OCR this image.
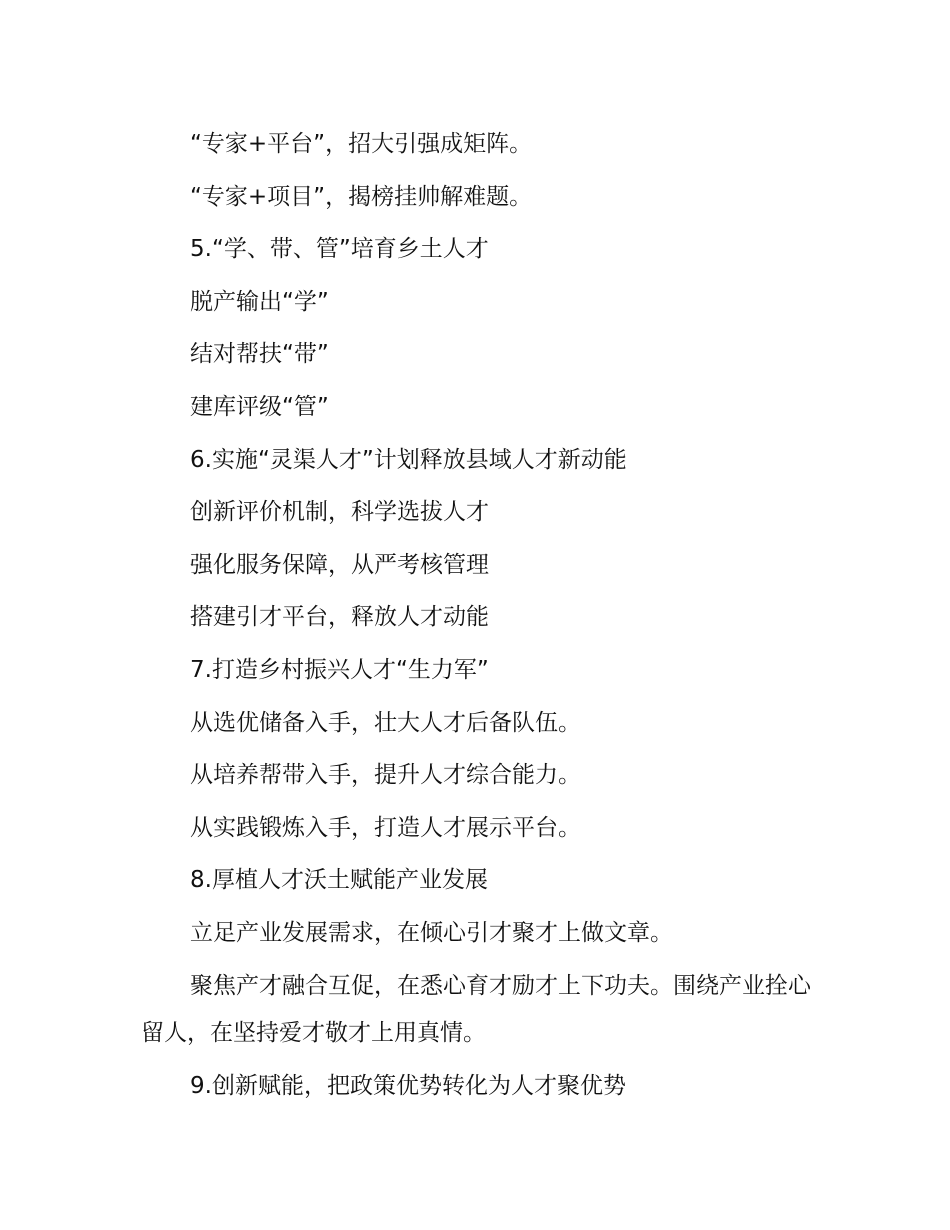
“专家+平台”，招大引强成矩阵。

“专家+项目”，揭榜挂帅解难题。

5.“学、带、管”培育乡土人才

脱产输出“学”

结对帮扶“带”

建库评级“管”

6.实施“灵渠人才”计划释放县域人才新动能

创新评价机制，科学选拔人才

强化服务保障，从严考核管理

搭建引才平台，释放人才动能

7.打造乡村振兴人才“生力军”

从选优储备入手，壮大人才后备队伍。

从培养帮带入手，提升人才综合能力。

从实践锻炼入手，打造人才展示平台。

8.厚植人才沃土赋能产业发展

立足产业发展需求，在倾心引才聚才上做文章。

聚焦产才融合互促，在悉心育才励才上下功夫。围绕产业拴心留人，在坚持爱才敬才上用真情。

9.创新赋能，把政策优势转化为人才聚优势
